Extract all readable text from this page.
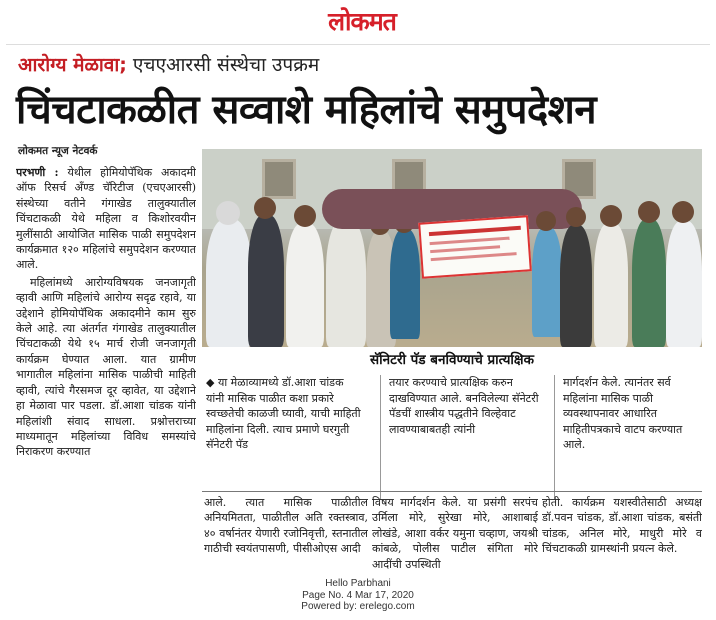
लोकमत
आरोग्य मेळावा; एचएआरसी संस्थेचा उपक्रम
चिंचटाकळीत सव्वाशे महिलांचे समुपदेशन
लोकमत न्यूज नेटवर्क

परभणी : येथील होमियोपॅथिक अकादमी ऑफ रिसर्च अँण्ड चॅरिटीज (एचएआरसी) संस्थेच्या वतीने गंगाखेड तालुक्यातील चिंचटाकळी येथे महिला व किशोरवयीन मुलींसाठी आयोजित मासिक पाळी समुपदेशन कार्यक्रमात १२० महिलांचे समुपदेशन करण्यात आले.

महिलांमध्ये आरोग्यविषयक जनजागृती व्हावी आणि महिलांचे आरोग्य सदृढ रहावे, या उद्देशाने होमियोपॅथिक अकादमीने काम सुरु केले आहे. त्या अंतर्गत गंगाखेड तालुक्यातील चिंचटाकळी येथे १५ मार्च रोजी जनजागृती कार्यक्रम घेण्यात आला. यात ग्रामीण भागातील महिलांना मासिक पाळीची माहिती व्हावी, त्यांचे गैरसमज दूर व्हावेत, या उद्देशाने हा मेळावा पार पडला. डॉ.आशा चांडक यांनी महिलांशी संवाद साधला. प्रश्नोत्तराच्या माध्यमातून महिलांच्या विविध समस्यांचे निराकरण करण्यात

सॅनिटरी पॅड बनविण्याचे प्रात्यक्षिक

◆ या मेळाव्यामध्ये डॉ.आशा चांडक यांनी मासिक पाळीत कशा प्रकारे स्वच्छतेची काळजी घ्यावी, याची माहिती माहिलांना दिली. त्याच प्रमाणे घरगुती सॅनेटरी पॅड

तयार करण्याचे प्रात्यक्षिक करुन दाखविण्यात आले. बनविलेल्या सॅनेटरी पॅडचीं शास्त्रीय पद्धतीने विल्हेवाट लावण्याबाबतही त्यांनी

मार्गदर्शन केले. त्यानंतर सर्व महिलांना मासिक पाळी व्यवस्थापनावर आधारित माहितीपत्रकाचे वाटप करण्यात आले.

आले. त्यात मासिक पाळीतील अनियमितता, पाळीतील अति रक्तस्त्राव, ४० वर्षानंतर येणारी रजोनिवृत्ती, स्तनातील गाठीची स्वयंतपासणी, पीसीओएस आदी

विषय मार्गदर्शन केले. या प्रसंगी सरपंच उर्मिला मोरे, सुरेखा मोरे, आशाबाई लोखंडे, आशा वर्कर यमुना चव्हाण, जयश्री कांबळे, पोलीस पाटील संगिता मोरे आदींची उपस्थिती

होती. कार्यक्रम यशस्वीतेसाठी अध्यक्ष डॉ.पवन चांडक, डॉ.आशा चांडक, बसंती चांडक, अनिल मोरे, माधुरी मोरे व चिंचटाकळी ग्रामस्थांनी प्रयत्न केले.

Hello Parbhani
Page No. 4 Mar 17, 2020
Powered by: erelego.com
